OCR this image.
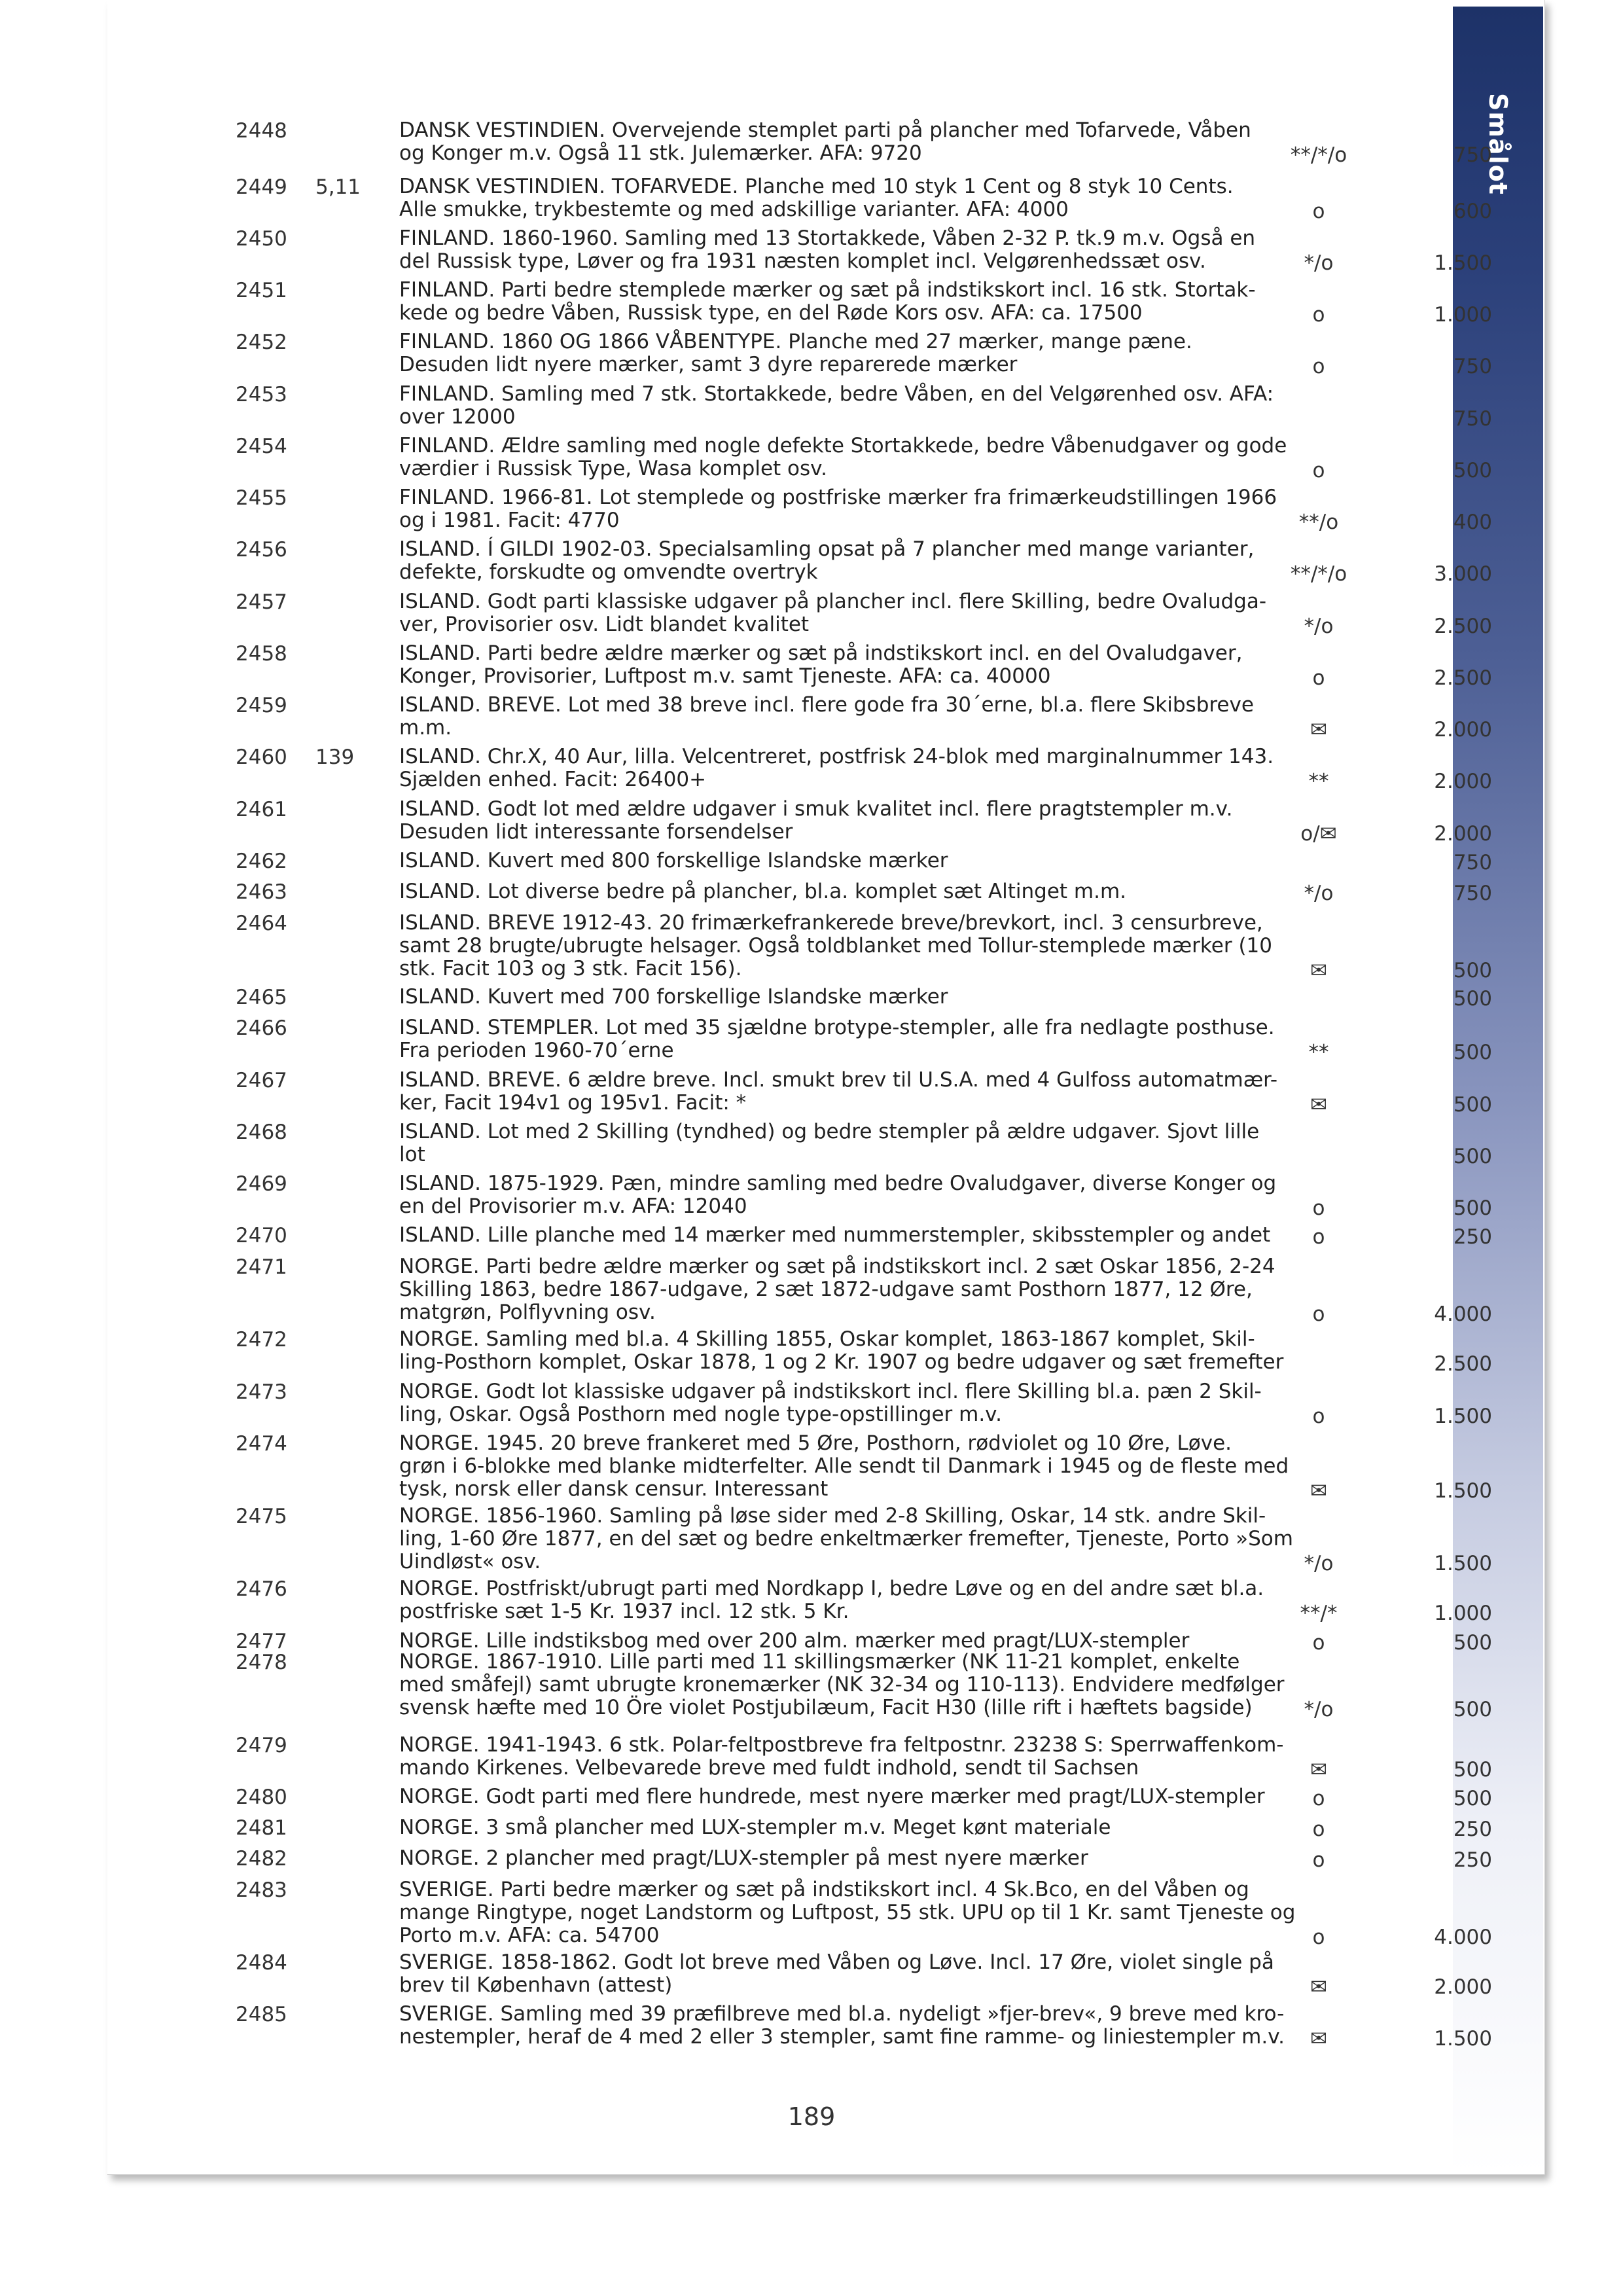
Smålot
2448	DANSK VESTINDIEN. Overvejende stemplet parti på plancher med Tofarvede, Våben
og Konger m.v. Også 11 stk. Julemærker. AFA: 9720	**/*/o	750
2449	5,11	DANSK VESTINDIEN. TOFARVEDE. Planche med 10 styk 1 Cent og 8 styk 10 Cents.
Alle smukke, trykbestemte og med adskillige varianter. AFA: 4000	o	600
2450	FINLAND. 1860-1960. Samling med 13 Stortakkede, Våben 2-32 P. tk.9 m.v. Også en
del Russisk type, Løver og fra 1931 næsten komplet incl. Velgørenhedssæt osv.	*/o	1.500
2451	FINLAND. Parti bedre stemplede mærker og sæt på indstikskort incl. 16 stk. Stortak-
kede og bedre Våben, Russisk type, en del Røde Kors osv. AFA: ca. 17500	o	1.000
2452	FINLAND. 1860 OG 1866 VÅBENTYPE. Planche med 27 mærker, mange pæne.
Desuden lidt nyere mærker, samt 3 dyre reparerede mærker	o	750
2453	FINLAND. Samling med 7 stk. Stortakkede, bedre Våben, en del Velgørenhed osv. AFA:
over 12000	750
2454	FINLAND. Ældre samling med nogle defekte Stortakkede, bedre Våbenudgaver og gode
værdier i Russisk Type, Wasa komplet osv.	o	500
2455	FINLAND. 1966-81. Lot stemplede og postfriske mærker fra frimærkeudstillingen 1966
og i 1981. Facit: 4770	**/o	400
2456	ISLAND. Í GILDI 1902-03. Specialsamling opsat på 7 plancher med mange varianter,
defekte, forskudte og omvendte overtryk	**/*/o	3.000
2457	ISLAND. Godt parti klassiske udgaver på plancher incl. flere Skilling, bedre Ovaludga-
ver, Provisorier osv. Lidt blandet kvalitet	*/o	2.500
2458	ISLAND. Parti bedre ældre mærker og sæt på indstikskort incl. en del Ovaludgaver,
Konger, Provisorier, Luftpost m.v. samt Tjeneste. AFA: ca. 40000	o	2.500
2459	ISLAND. BREVE. Lot med 38 breve incl. flere gode fra 30´erne, bl.a. flere Skibsbreve
m.m.	✉	2.000
2460	139	ISLAND. Chr.X, 40 Aur, lilla. Velcentreret, postfrisk 24-blok med marginalnummer 143.
Sjælden enhed. Facit: 26400+	**	2.000
2461	ISLAND. Godt lot med ældre udgaver i smuk kvalitet incl. flere pragtstempler m.v.
Desuden lidt interessante forsendelser	o/✉	2.000
2462	ISLAND. Kuvert med 800 forskellige Islandske mærker	750
2463	ISLAND. Lot diverse bedre på plancher, bl.a. komplet sæt Altinget m.m.	*/o	750
2464	ISLAND. BREVE 1912-43. 20 frimærkefrankerede breve/brevkort, incl. 3 censurbreve,
samt 28 brugte/ubrugte helsager. Også toldblanket med Tollur-stemplede mærker (10
stk. Facit 103 og 3 stk. Facit 156).	✉	500
2465	ISLAND. Kuvert med 700 forskellige Islandske mærker	500
2466	ISLAND. STEMPLER. Lot med 35 sjældne brotype-stempler, alle fra nedlagte posthuse.
Fra perioden 1960-70´erne	**	500
2467	ISLAND. BREVE. 6 ældre breve. Incl. smukt brev til U.S.A. med 4 Gulfoss automatmær-
ker, Facit 194v1 og 195v1. Facit: *	✉	500
2468	ISLAND. Lot med 2 Skilling (tyndhed) og bedre stempler på ældre udgaver. Sjovt lille
lot	500
2469	ISLAND. 1875-1929. Pæn, mindre samling med bedre Ovaludgaver, diverse Konger og
en del Provisorier m.v. AFA: 12040	o	500
2470	ISLAND. Lille planche med 14 mærker med nummerstempler, skibsstempler og andet	o	250
2471	NORGE. Parti bedre ældre mærker og sæt på indstikskort incl. 2 sæt Oskar 1856, 2-24
Skilling 1863, bedre 1867-udgave, 2 sæt 1872-udgave samt Posthorn 1877, 12 Øre,
matgrøn, Polflyvning osv.	o	4.000
2472	NORGE. Samling med bl.a. 4 Skilling 1855, Oskar komplet, 1863-1867 komplet, Skil-
ling-Posthorn komplet, Oskar 1878, 1 og 2 Kr. 1907 og bedre udgaver og sæt fremefter	2.500
2473	NORGE. Godt lot klassiske udgaver på indstikskort incl. flere Skilling bl.a. pæn 2 Skil-
ling, Oskar. Også Posthorn med nogle type-opstillinger m.v.	o	1.500
2474	NORGE. 1945. 20 breve frankeret med 5 Øre, Posthorn, rødviolet og 10 Øre, Løve.
grøn i 6-blokke med blanke midterfelter. Alle sendt til Danmark i 1945 og de fleste med
tysk, norsk eller dansk censur. Interessant	✉	1.500
2475	NORGE. 1856-1960. Samling på løse sider med 2-8 Skilling, Oskar, 14 stk. andre Skil-
ling, 1-60 Øre 1877, en del sæt og bedre enkeltmærker fremefter, Tjeneste, Porto »Som
Uindløst« osv.	*/o	1.500
2476	NORGE. Postfriskt/ubrugt parti med Nordkapp I, bedre Løve og en del andre sæt bl.a.
postfriske sæt 1-5 Kr. 1937 incl. 12 stk. 5 Kr.	**/*	1.000
2477	NORGE. Lille indstiksbog med over 200 alm. mærker med pragt/LUX-stempler	o	500
2478	NORGE. 1867-1910. Lille parti med 11 skillingsmærker (NK 11-21 komplet, enkelte
med småfejl) samt ubrugte kronemærker (NK 32-34 og 110-113). Endvidere medfølger
svensk hæfte med 10 Öre violet Postjubilæum, Facit H30 (lille rift i hæftets bagside)	*/o	500
2479	NORGE. 1941-1943. 6 stk. Polar-feltpostbreve fra feltpostnr. 23238 S: Sperrwaffenkom-
mando Kirkenes. Velbevarede breve med fuldt indhold, sendt til Sachsen	✉	500
2480	NORGE. Godt parti med flere hundrede, mest nyere mærker med pragt/LUX-stempler	o	500
2481	NORGE. 3 små plancher med LUX-stempler m.v. Meget kønt materiale	o	250
2482	NORGE. 2 plancher med pragt/LUX-stempler på mest nyere mærker	o	250
2483	SVERIGE. Parti bedre mærker og sæt på indstikskort incl. 4 Sk.Bco, en del Våben og
mange Ringtype, noget Landstorm og Luftpost, 55 stk. UPU op til 1 Kr. samt Tjeneste og
Porto m.v. AFA: ca. 54700	o	4.000
2484	SVERIGE. 1858-1862. Godt lot breve med Våben og Løve. Incl. 17 Øre, violet single på
brev til København (attest)	✉	2.000
2485	SVERIGE. Samling med 39 præfilbreve med bl.a. nydeligt »fjer-brev«, 9 breve med kro-
nestempler, heraf de 4 med 2 eller 3 stempler, samt fine ramme- og liniestempler m.v.	✉	1.500
189
